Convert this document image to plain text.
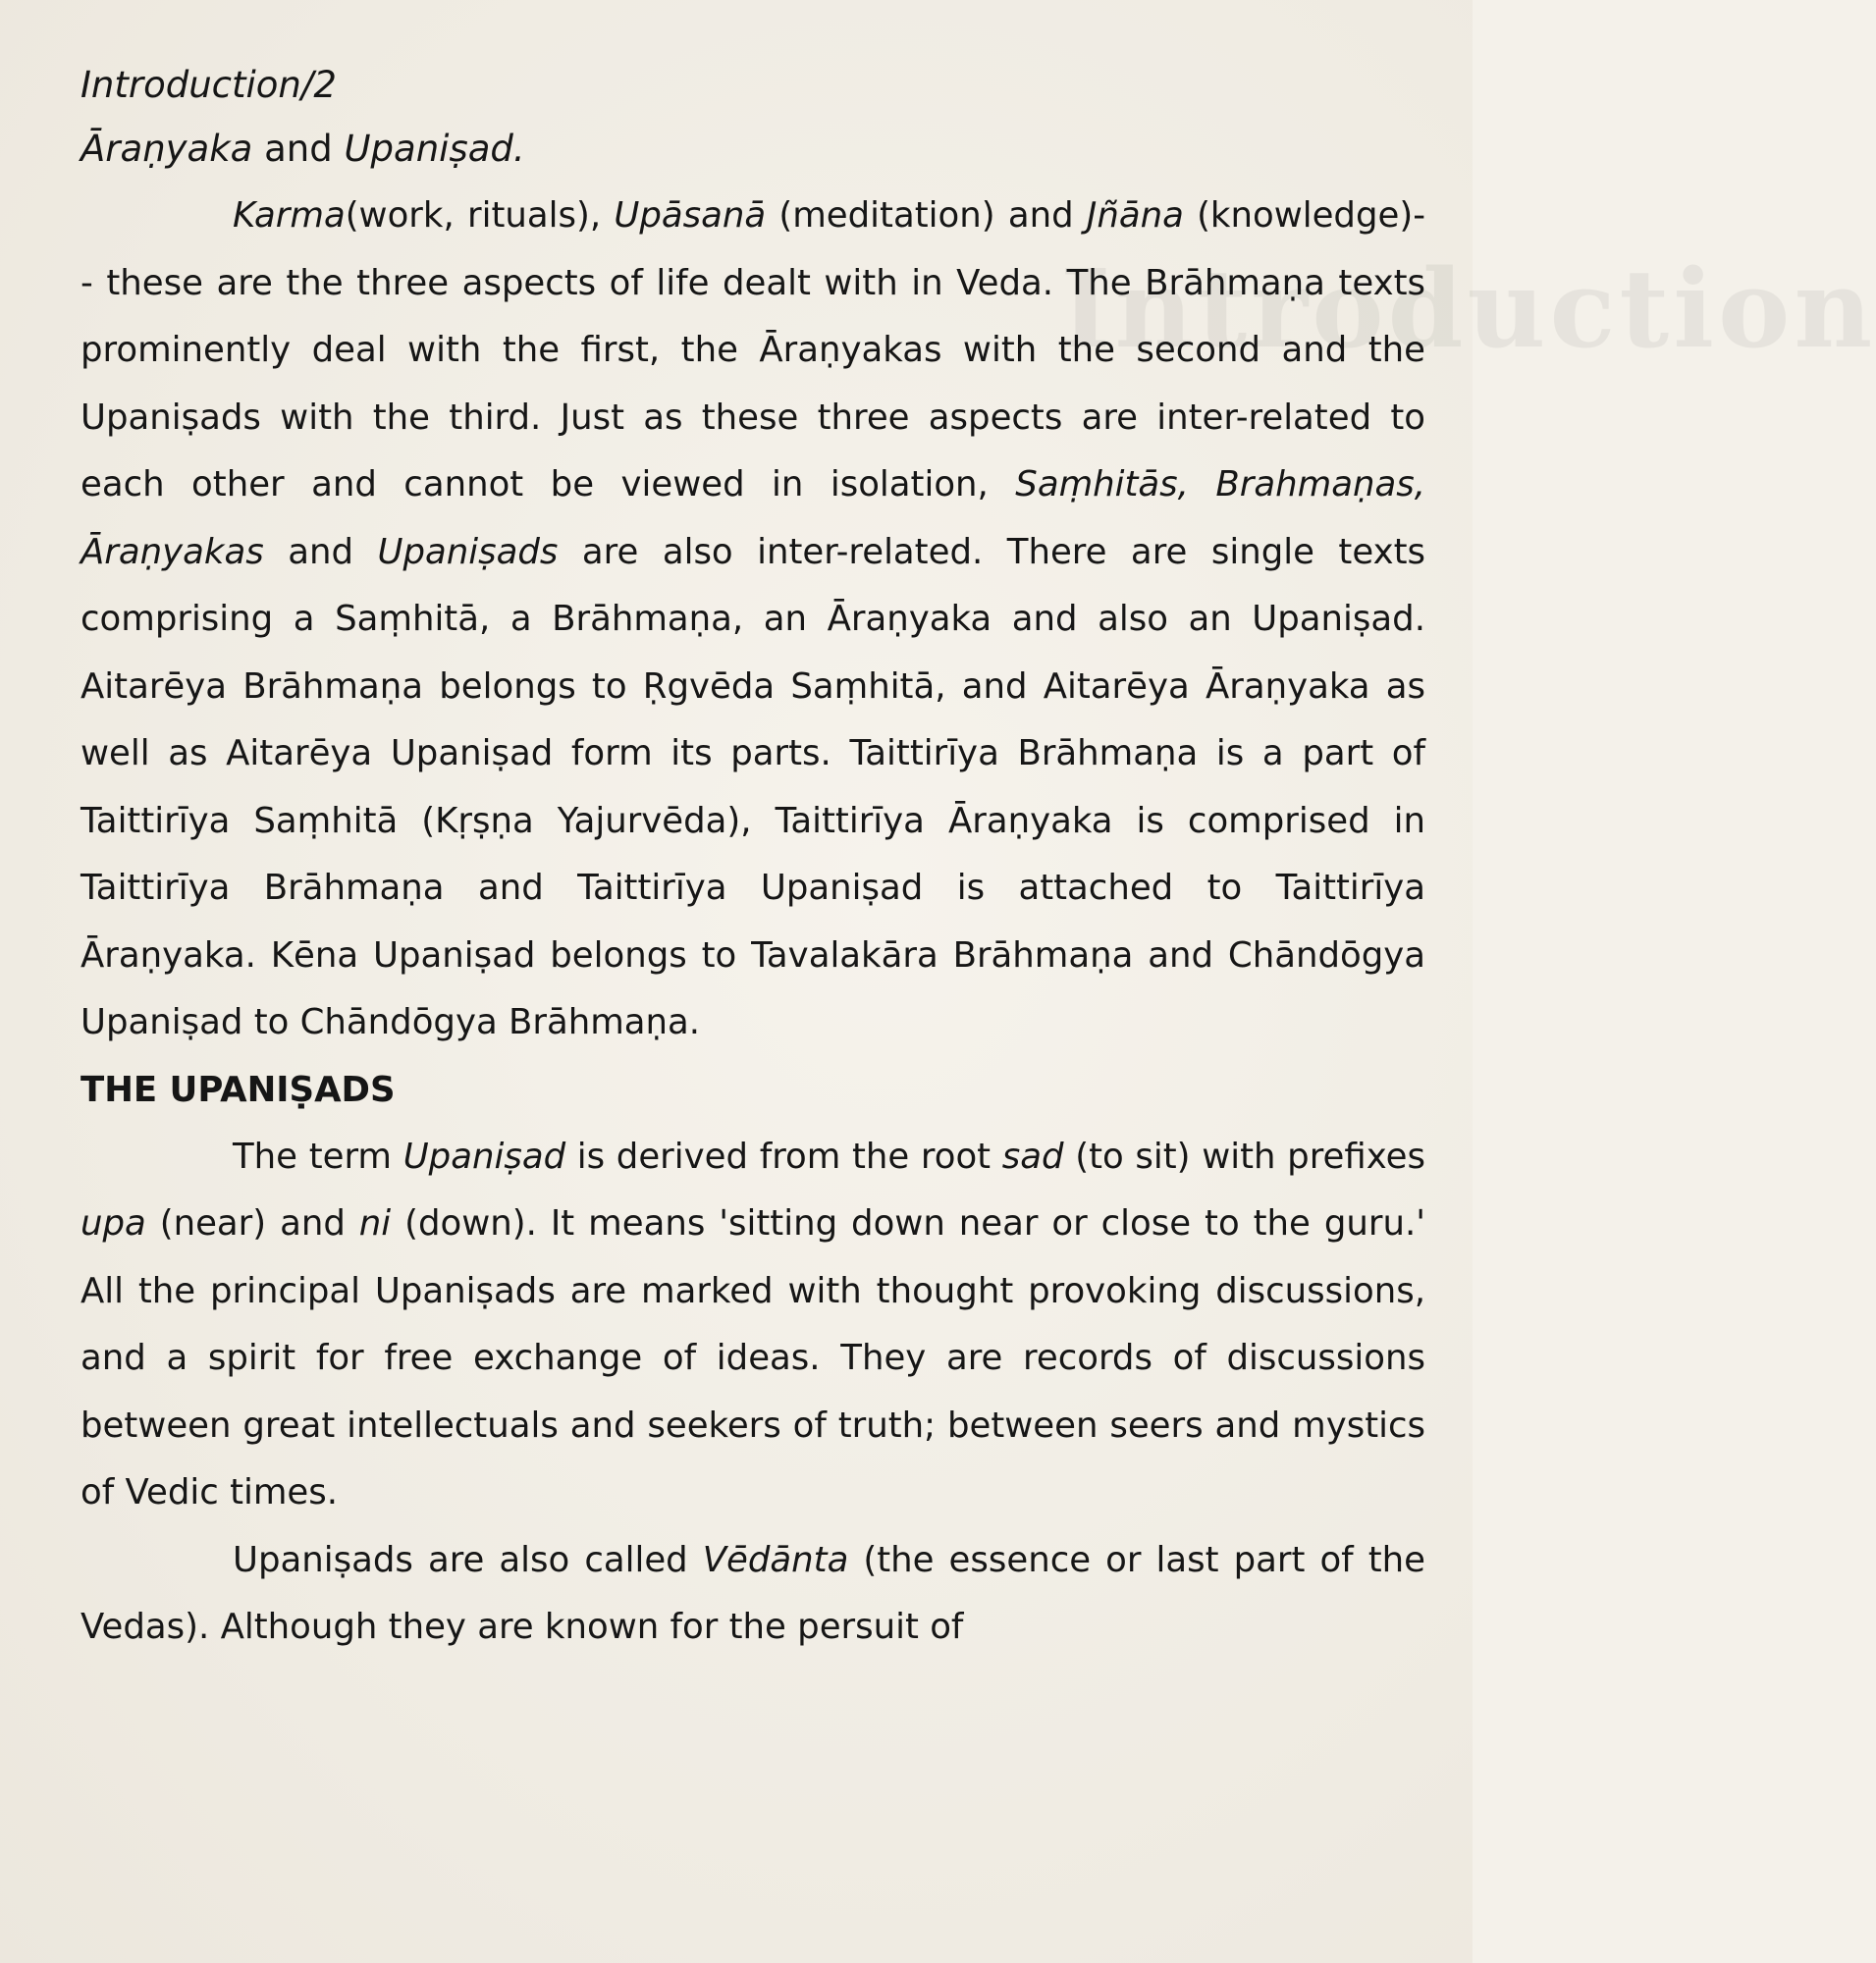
Introduction
Introduction/2
Āraṇyaka and Upaniṣad.

Karma(work, rituals), Upāsanā (meditation) and Jñāna (knowledge)-- these are the three aspects of life dealt with in Veda. The Brāhmaṇa texts prominently deal with the first, the Āraṇyakas with the second and the Upaniṣads with the third. Just as these three aspects are inter-related to each other and cannot be viewed in isolation, Saṃhitās, Brahmaṇas, Āraṇyakas and Upaniṣads are also inter-related. There are single texts comprising a Saṃhitā, a Brāhmaṇa, an Āraṇyaka and also an Upaniṣad. Aitarēya Brāhmaṇa belongs to Ṛgvēda Saṃhitā, and Aitarēya Āraṇyaka as well as Aitarēya Upaniṣad form its parts. Taittirīya Brāhmaṇa is a part of Taittirīya Saṃhitā (Kṛṣṇa Yajurvēda), Taittirīya Āraṇyaka is comprised in Taittirīya Brāhmaṇa and Taittirīya Upaniṣad is attached to Taittirīya Āraṇyaka. Kēna Upaniṣad belongs to Tavalakāra Brāhmaṇa and Chāndōgya Upaniṣad to Chāndōgya Brāhmaṇa.

THE UPANIṢADS

The term Upaniṣad is derived from the root sad (to sit) with prefixes upa (near) and ni (down). It means 'sitting down near or close to the guru.' All the principal Upaniṣads are marked with thought provoking discussions, and a spirit for free exchange of ideas. They are records of discussions between great intellectuals and seekers of truth; between seers and mystics of Vedic times.

Upaniṣads are also called Vēdānta (the essence or last part of the Vedas). Although they are known for the persuit of
